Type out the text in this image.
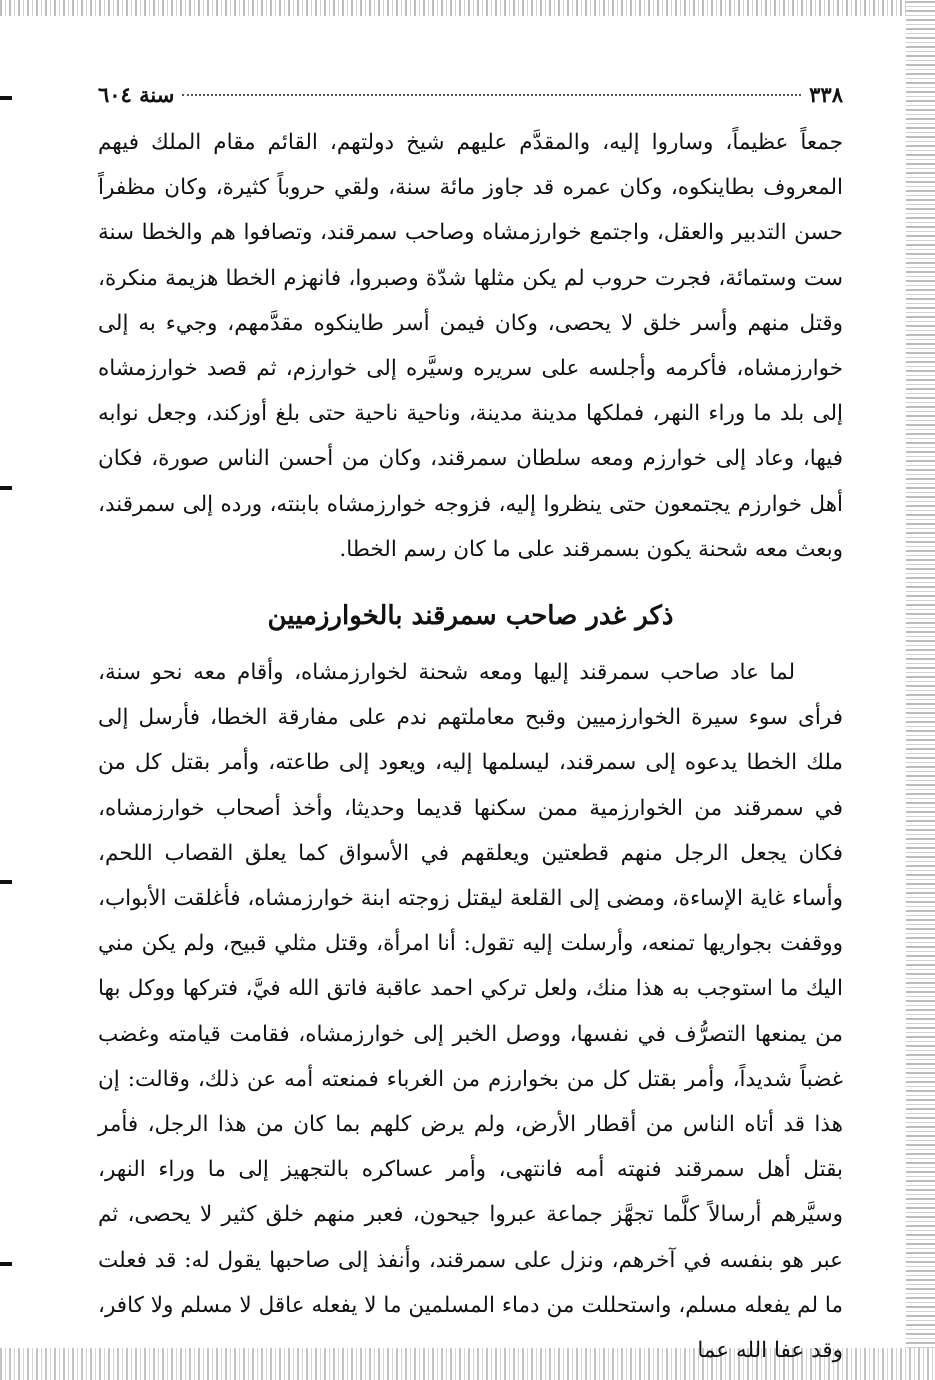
٣٣٨
سنة ٦٠٤

جمعاً عظيماً، وساروا إليه، والمقدَّم عليهم شيخ دولتهم، القائم مقام الملك فيهم المعروف بطاينكوه، وكان عمره قد جاوز مائة سنة، ولقي حروباً كثيرة، وكان مظفراً حسن التدبير والعقل، واجتمع خوارزمشاه وصاحب سمرقند، وتصافوا هم والخطا سنة ست وستمائة، فجرت حروب لم يكن مثلها شدّة وصبروا، فانهزم الخطا هزيمة منكرة، وقتل منهم وأسر خلق لا يحصى، وكان فيمن أسر طاينكوه مقدَّمهم، وجيء به إلى خوارزمشاه، فأكرمه وأجلسه على سريره وسيَّره إلى خوارزم، ثم قصد خوارزمشاه إلى بلد ما وراء النهر، فملكها مدينة مدينة، وناحية ناحية حتى بلغ أوزكند، وجعل نوابه فيها، وعاد إلى خوارزم ومعه سلطان سمرقند، وكان من أحسن الناس صورة، فكان أهل خوارزم يجتمعون حتى ينظروا إليه، فزوجه خوارزمشاه بابنته، ورده إلى سمرقند، وبعث معه شحنة يكون بسمرقند على ما كان رسم الخطا.

ذكر غدر صاحب سمرقند بالخوارزميين

لما عاد صاحب سمرقند إليها ومعه شحنة لخوارزمشاه، وأقام معه نحو سنة، فرأى سوء سيرة الخوارزميين وقبح معاملتهم ندم على مفارقة الخطا، فأرسل إلى ملك الخطا يدعوه إلى سمرقند، ليسلمها إليه، ويعود إلى طاعته، وأمر بقتل كل من في سمرقند من الخوارزمية ممن سكنها قديما وحديثا، وأخذ أصحاب خوارزمشاه، فكان يجعل الرجل منهم قطعتين ويعلقهم في الأسواق كما يعلق القصاب اللحم، وأساء غاية الإساءة، ومضى إلى القلعة ليقتل زوجته ابنة خوارزمشاه، فأغلقت الأبواب، ووقفت بجواريها تمنعه، وأرسلت إليه تقول: أنا امرأة، وقتل مثلي قبيح، ولم يكن مني اليك ما استوجب به هذا منك، ولعل تركي احمد عاقبة فاتق الله فيَّ، فتركها ووكل بها من يمنعها التصرُّف في نفسها، ووصل الخبر إلى خوارزمشاه، فقامت قيامته وغضب غضباً شديداً، وأمر بقتل كل من بخوارزم من الغرباء فمنعته أمه عن ذلك، وقالت: إن هذا قد أتاه الناس من أقطار الأرض، ولم يرض كلهم بما كان من هذا الرجل، فأمر بقتل أهل سمرقند فنهته أمه فانتهى، وأمر عساكره بالتجهيز إلى ما وراء النهر، وسيَّرهم أرسالاً كلَّما تجهَّز جماعة عبروا جيحون، فعبر منهم خلق كثير لا يحصى، ثم عبر هو بنفسه في آخرهم، ونزل على سمرقند، وأنفذ إلى صاحبها يقول له: قد فعلت ما لم يفعله مسلم، واستحللت من دماء المسلمين ما لا يفعله عاقل لا مسلم ولا كافر، وقد عفا الله عما
